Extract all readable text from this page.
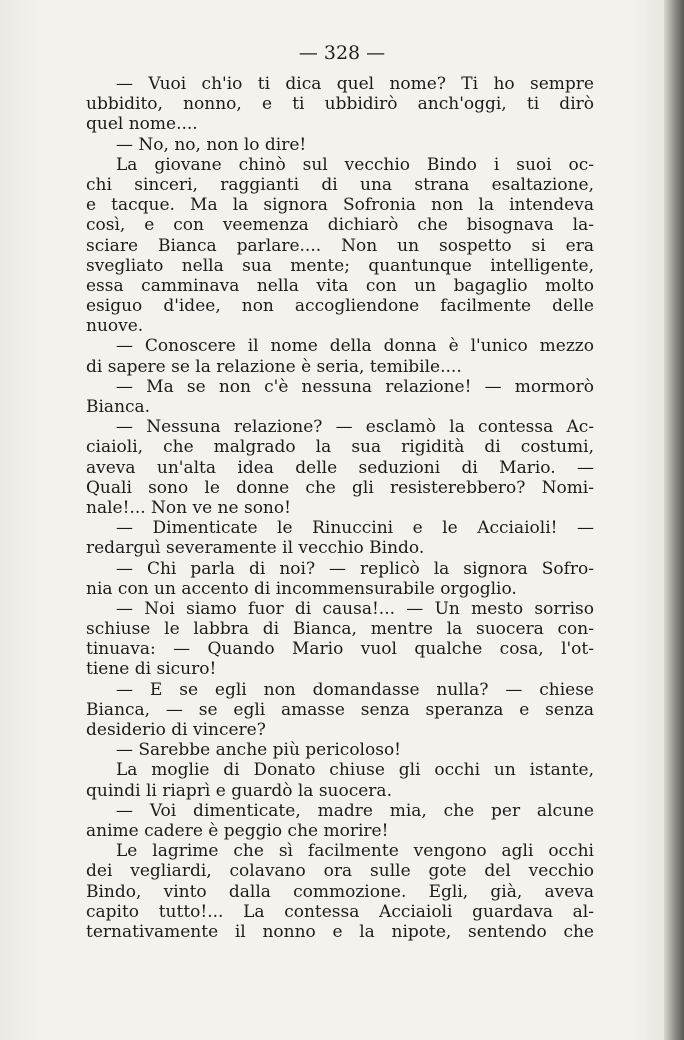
— 328 —
— Vuoi ch'io ti dica quel nome? Ti ho sempre
ubbidito, nonno, e ti ubbidirò anch'oggi, ti dirò
quel nome....
— No, no, non lo dire!
La giovane chinò sul vecchio Bindo i suoi oc-
chi sinceri, raggianti di una strana esaltazione,
e tacque. Ma la signora Sofronia non la intendeva
così, e con veemenza dichiarò che bisognava la-
sciare Bianca parlare.... Non un sospetto si era
svegliato nella sua mente; quantunque intelligente,
essa camminava nella vita con un bagaglio molto
esiguo d'idee, non accogliendone facilmente delle
nuove.
— Conoscere il nome della donna è l'unico mezzo
di sapere se la relazione è seria, temibile....
— Ma se non c'è nessuna relazione! — mormorò
Bianca.
— Nessuna relazione? — esclamò la contessa Ac-
ciaioli, che malgrado la sua rigidità di costumi,
aveva un'alta idea delle seduzioni di Mario. —
Quali sono le donne che gli resisterebbero? Nomi-
nale!... Non ve ne sono!
— Dimenticate le Rinuccini e le Acciaioli! —
redarguì severamente il vecchio Bindo.
— Chi parla di noi? — replicò la signora Sofro-
nia con un accento di incommensurabile orgoglio.
— Noi siamo fuor di causa!... — Un mesto sorriso
schiuse le labbra di Bianca, mentre la suocera con-
tinuava: — Quando Mario vuol qualche cosa, l'ot-
tiene di sicuro!
— E se egli non domandasse nulla? — chiese
Bianca, — se egli amasse senza speranza e senza
desiderio di vincere?
— Sarebbe anche più pericoloso!
La moglie di Donato chiuse gli occhi un istante,
quindi li riaprì e guardò la suocera.
— Voi dimenticate, madre mia, che per alcune
anime cadere è peggio che morire!
Le lagrime che sì facilmente vengono agli occhi
dei vegliardi, colavano ora sulle gote del vecchio
Bindo, vinto dalla commozione. Egli, già, aveva
capito tutto!... La contessa Acciaioli guardava al-
ternativamente il nonno e la nipote, sentendo che
